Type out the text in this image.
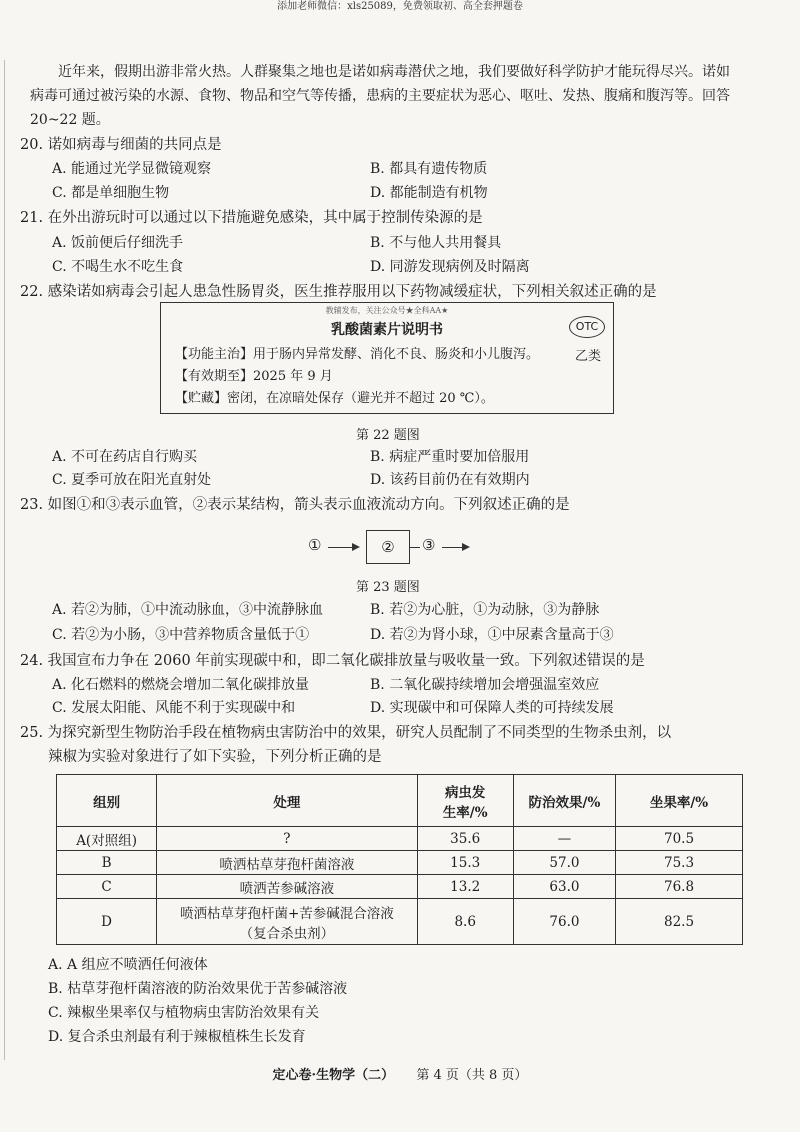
添加老师微信：xls25089，免费领取初、高全套押题卷
近年来，假期出游非常火热。人群聚集之地也是诺如病毒潜伏之地，我们要做好科学防护才能玩得尽兴。诺如病毒可通过被污染的水源、食物、物品和空气等传播，患病的主要症状为恶心、呕吐、发热、腹痛和腹泻等。回答 20~22 题。
20. 诺如病毒与细菌的共同点是
A. 能通过光学显微镜观察	B. 都具有遗传物质
C. 都是单细胞生物	D. 都能制造有机物
21. 在外出游玩时可以通过以下措施避免感染，其中属于控制传染源的是
A. 饭前便后仔细洗手	B. 不与他人共用餐具
C. 不喝生水不吃生食	D. 同游发现病例及时隔离
22. 感染诺如病毒会引起人患急性肠胃炎，医生推荐服用以下药物减缓症状，下列相关叙述正确的是
教辅发布，关注公众号★全科AA★
乳酸菌素片说明书	OTC
乙类
【功能主治】用于肠内异常发酵、消化不良、肠炎和小儿腹泻。
【有效期至】2025 年 9 月
【贮藏】密闭，在凉暗处保存（避光并不超过 20 ℃）。
第 22 题图
A. 不可在药店自行购买	B. 病症严重时要加倍服用
C. 夏季可放在阳光直射处	D. 该药目前仍在有效期内
23. 如图①和③表示血管，②表示某结构，箭头表示血液流动方向。下列叙述正确的是
①	②	③
第 23 题图
A. 若②为肺，①中流动脉血，③中流静脉血	B. 若②为心脏，①为动脉，③为静脉
C. 若②为小肠，③中营养物质含量低于①	D. 若②为肾小球，①中尿素含量高于③
24. 我国宣布力争在 2060 年前实现碳中和，即二氧化碳排放量与吸收量一致。下列叙述错误的是
A. 化石燃料的燃烧会增加二氧化碳排放量	B. 二氧化碳持续增加会增强温室效应
C. 发展太阳能、风能不利于实现碳中和	D. 实现碳中和可保障人类的可持续发展
25. 为探究新型生物防治手段在植物病虫害防治中的效果，研究人员配制了不同类型的生物杀虫剂，以
辣椒为实验对象进行了如下实验，下列分析正确的是
组别	处理	病虫发
生率/%	防治效果/%	坐果率/%
A(对照组)	?	35.6	—	70.5
B	喷洒枯草芽孢杆菌溶液	15.3	57.0	75.3
C	喷洒苦参碱溶液	13.2	63.0	76.8
D	喷洒枯草芽孢杆菌+苦参碱混合溶液
（复合杀虫剂）	8.6	76.0	82.5
A. A 组应不喷洒任何液体
B. 枯草芽孢杆菌溶液的防治效果优于苦参碱溶液
C. 辣椒坐果率仅与植物病虫害防治效果有关
D. 复合杀虫剂最有利于辣椒植株生长发育
定心卷·生物学（二） 第 4 页（共 8 页）
